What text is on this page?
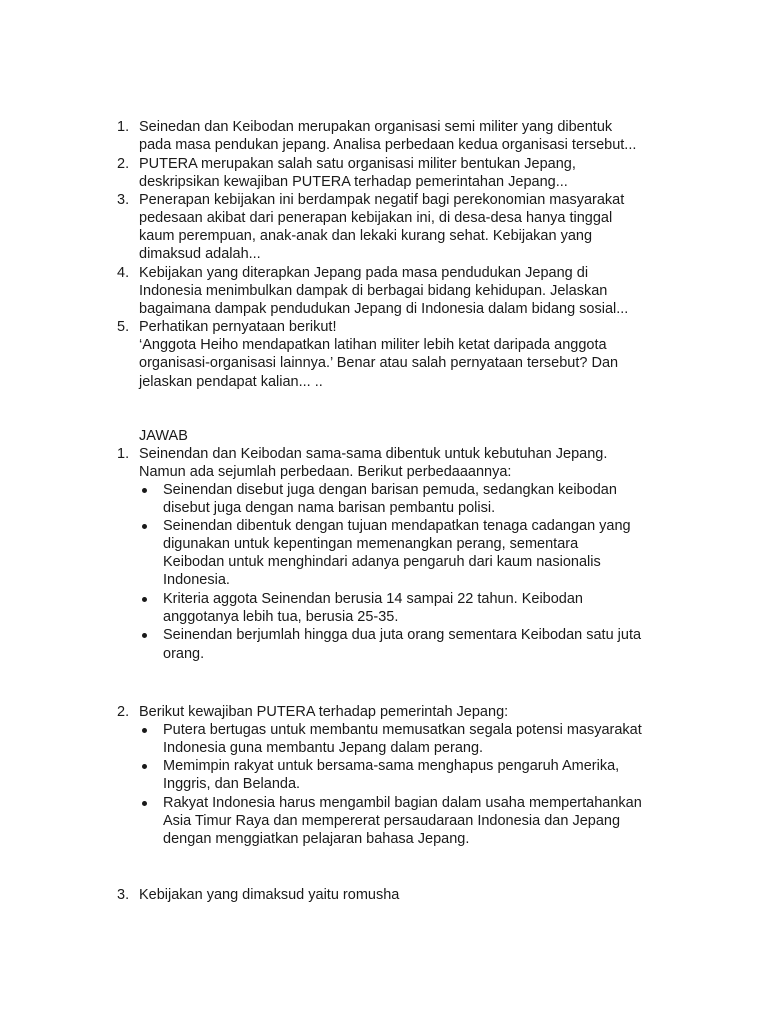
1. Seinedan dan Keibodan merupakan organisasi semi militer yang dibentuk
pada masa pendukan jepang. Analisa perbedaan kedua organisasi tersebut...
2. PUTERA merupakan salah satu organisasi militer bentukan Jepang,
deskripsikan kewajiban PUTERA terhadap pemerintahan Jepang...
3. Penerapan kebijakan ini berdampak negatif bagi perekonomian masyarakat
pedesaan akibat dari penerapan kebijakan ini, di desa-desa hanya tinggal
kaum perempuan, anak-anak dan lekaki kurang sehat. Kebijakan yang
dimaksud adalah...
4. Kebijakan yang diterapkan Jepang pada masa pendudukan Jepang di
Indonesia menimbulkan dampak di berbagai bidang kehidupan. Jelaskan
bagaimana dampak pendudukan Jepang di Indonesia dalam bidang sosial...
5. Perhatikan pernyataan berikut!
‘Anggota Heiho mendapatkan latihan militer lebih ketat daripada anggota
organisasi-organisasi lainnya.’ Benar atau salah pernyataan tersebut? Dan
jelaskan pendapat kalian... ..
JAWAB
1. Seinendan dan Keibodan sama-sama dibentuk untuk kebutuhan Jepang.
Namun ada sejumlah perbedaan. Berikut perbedaaannya:
Seinendan disebut juga dengan barisan pemuda, sedangkan keibodan
disebut juga dengan nama barisan pembantu polisi.
Seinendan dibentuk dengan tujuan mendapatkan tenaga cadangan yang
digunakan untuk kepentingan memenangkan perang, sementara
Keibodan untuk menghindari adanya pengaruh dari kaum nasionalis
Indonesia.
Kriteria aggota Seinendan berusia 14 sampai 22 tahun. Keibodan
anggotanya lebih tua, berusia 25-35.
Seinendan berjumlah hingga dua juta orang sementara Keibodan satu juta
orang.
2. Berikut kewajiban PUTERA terhadap pemerintah Jepang:
Putera bertugas untuk membantu memusatkan segala potensi masyarakat
Indonesia guna membantu Jepang dalam perang.
Memimpin rakyat untuk bersama-sama menghapus pengaruh Amerika,
Inggris, dan Belanda.
Rakyat Indonesia harus mengambil bagian dalam usaha mempertahankan
Asia Timur Raya dan mempererat persaudaraan Indonesia dan Jepang
dengan menggiatkan pelajaran bahasa Jepang.
3. Kebijakan yang dimaksud yaitu romusha
